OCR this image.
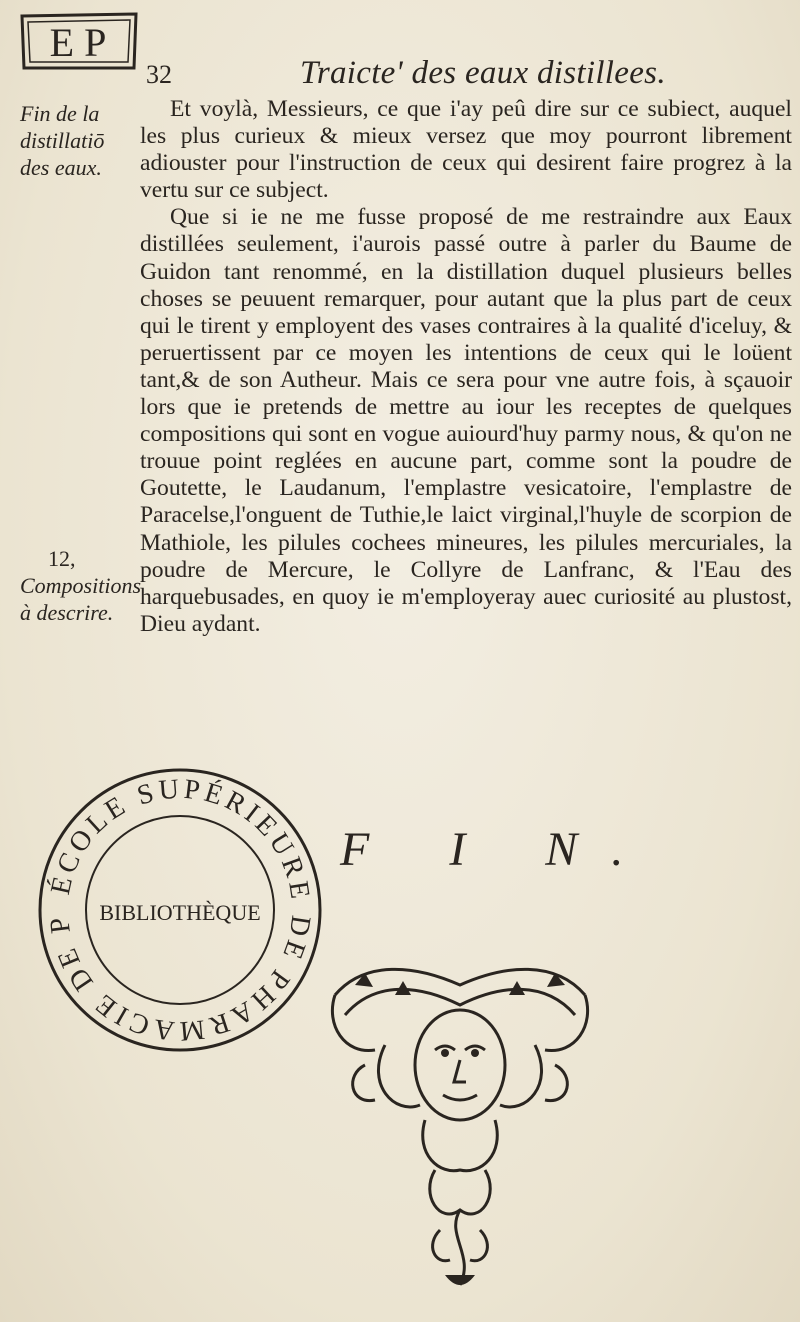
E P
32	Traicte' des eaux distillees.
Fin de la distillatiō des eaux.
12,
Compositions à descrire.

Et voylà, Messieurs, ce que i'ay peû dire sur ce subiect, auquel les plus curieux & mieux versez que moy pourront librement adiouster pour l'instruction de ceux qui desirent faire progrez à la vertu sur ce subject.

Que si ie ne me fusse proposé de me restraindre aux Eaux distillées seulement, i'aurois passé outre à parler du Baume de Guidon tant renommé, en la distillation duquel plusieurs belles choses se peuuent remarquer, pour autant que la plus part de ceux qui le tirent y employent des vases contraires à la qualité d'iceluy, & peruertissent par ce moyen les intentions de ceux qui le loüent tant,& de son Autheur. Mais ce sera pour vne autre fois, à sçauoir lors que ie pretends de mettre au iour les receptes de quelques compositions qui sont en vogue auiourd'huy parmy nous, & qu'on ne trouue point reglées en aucune part, comme sont la poudre de Goutette, le Laudanum, l'emplastre vesicatoire, l'emplastre de Paracelse,l'onguent de Tuthie,le laict virginal,l'huyle de scorpion de Mathiole, les pilules cochees mineures, les pilules mercuriales, la poudre de Mercure, le Collyre de Lanfranc, & l'Eau des harquebusades, en quoy ie m'employeray auec curiosité au plustost, Dieu aydant.

ÉCOLE SUPÉRIEURE DE PHARMACIE DE P	BIBLIOTHÈQUE
F I N.
